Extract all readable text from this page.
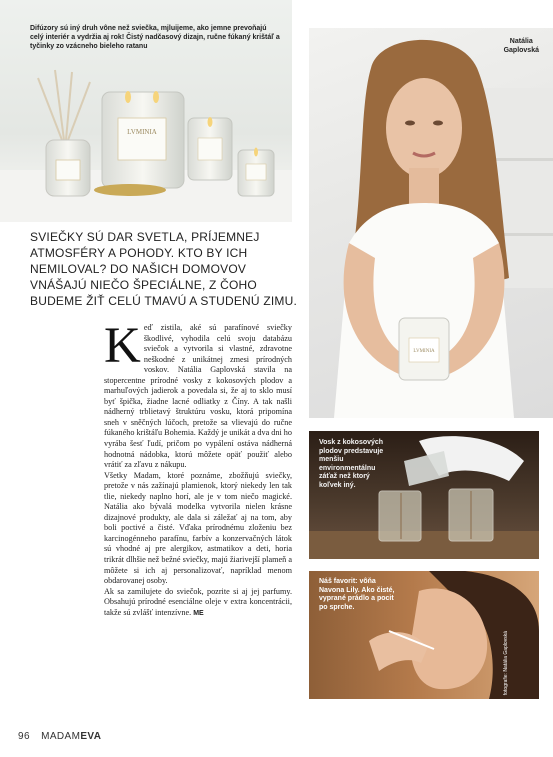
LVMINIA
Difúzory sú iný druh vône než sviečka, mjluijeme, ako jemne prevoňajú celý interiér a vydržia aj rok! Čistý nadčasový dizajn, ručne fúkaný krištáľ a tyčinky zo vzácneho bieleho ratanu
LVMINIA
Natália
Gaplovská
SVIEČKY SÚ DAR SVETLA, PRÍJEMNEJ ATMOSFÉRY A POHODY. KTO BY ICH NEMILOVAL? DO NAŠICH DOMOVOV VNÁŠAJÚ NIEČO ŠPECIÁLNE, Z ČOHO BUDEME ŽIŤ CELÚ TMAVÚ A STUDENÚ ZIMU.

Keď zistila, aké sú parafínové sviečky škodlivé, vyhodila celú svoju databázu sviečok a vytvorila si vlastné, zdravotne neškodné z unikátnej zmesi prírodných voskov. Natália Gaplovská stavila na stopercentne prírodné vosky z kokosových plodov a marhuľových jadierok a povedala si, že aj to sklo musí byť špička, žiadne lacné odliatky z Číny. A tak našli nádherný trblietavý štruktúru vosku, ktorá pripomína sneh v sněčných lúčoch, pretože sa vlievajú do ručne fúkaného krištáľu Bohemia. Každý je unikát a dva dni ho vyrába šesť ľudí, pričom po vypálení ostáva nádherná hodnotná nádobka, ktorú môžete opäť použiť alebo vrátiť za zľavu z nákupu.

Všetky Madam, ktoré poznáme, zbožňujú sviečky, pretože v nás zažínajú plamienok, ktorý niekedy len tak tlie, niekedy naplno horí, ale je v tom niečo magické. Natália ako bývalá modelka vytvorila nielen krásne dizajnové produkty, ale dala si záležať aj na tom, aby boli poctivé a čisté. Vďaka prírodnému zloženiu bez karcinogénneho parafínu, farbív a konzervačných látok sú vhodné aj pre alergikov, astmatikov a deti, horia trikrát dlhšie než bežné sviečky, majú žiarivejší plameň a môžete si ich aj personalizovať, napríklad menom obdarovanej osoby.

Ak sa zamilujete do sviečok, pozrite si aj jej parfumy. Obsahujú prírodné esenciálne oleje v extra koncentrácii, takže sú zvlášť intenzívne. ME

Vosk z kokosových plodov predstavuje menšiu environmentálnu záťaž než ktorý koľvek iný.
Náš favorit: vôňa Navona Lily. Ako čisté, vyprané prádlo a pocit po sprche.
fotografie: Natália Gaplovská
96 MADAMEVA
